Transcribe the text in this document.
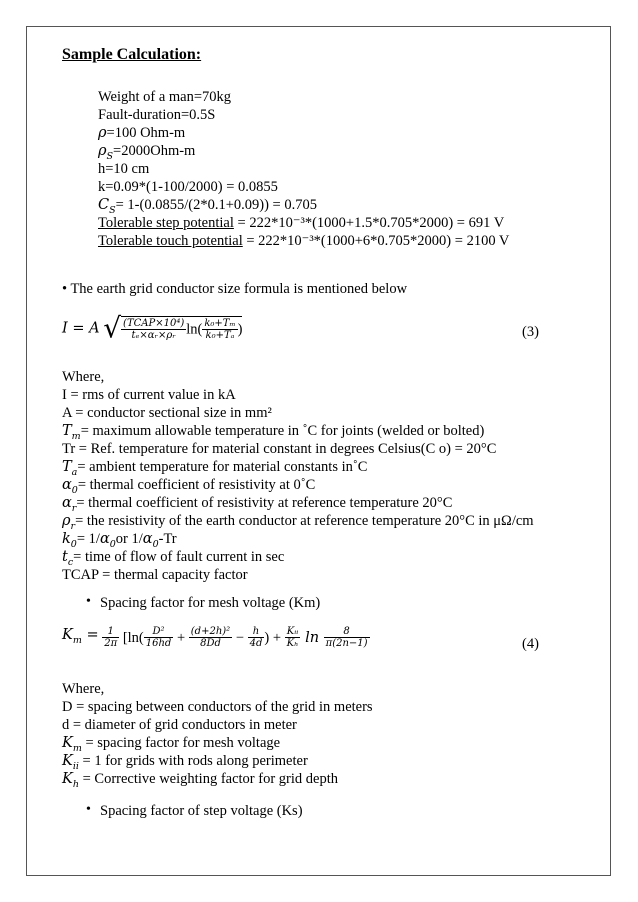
Sample Calculation:
Weight of a man=70kg
Fault-duration=0.5S
ρ=100 Ohm-m
$\rho_S=2000Ohm-m$
h=10 cm
k=0.09*(1-100/2000) = 0.0855
$C_S= 1-(0.0855/(2*0.1+0.09)) = 0.705$
Tolerable step potential = 222*10⁻³*(1000+1.5*0.705*2000) = 691 V
Tolerable touch potential = 222*10⁻³*(1000+6*0.705*2000) = 2100 V
• The earth grid conductor size formula is mentioned below
I = A √ $\frac{\text{(TCAP×10⁴)}}{\text{tₑ×αᵣ×ρᵣ}} \ln( \frac{\text{k₀+Tₘ}}{\text{k₀+Tₐ}}$ )	(3)
Where,
I = rms of current value in kA
A = conductor sectional size in mm²
$T_m=$ maximum allowable temperature in ˚C for joints (welded or bolted)
Tr = Ref. temperature for material constant in degrees Celsius(C o) = 20°C
$T_a=$ ambient temperature for material constants in˚C
$\alpha_0=$ thermal coefficient of resistivity at 0˚C
$\alpha_r=$ thermal coefficient of resistivity at reference temperature 20°C
$\rho_r=$ the resistivity of the earth conductor at reference temperature 20°C in μΩ/cm
$k_0= 1/\alpha_0or$ $1/\alpha_0-Tr$
$t_c=$ time of flow of fault current in sec
TCAP = thermal capacity factor
• Spacing factor for mesh voltage (Km)
$K_m = \frac{1}{2\pi} [\ln( \frac{\text{D²}}{16hd} + \frac{\text{(d+2h)²}}{8Dd} - \frac{h}{4d}$ ) + $\frac{\text{Kᵢᵢ}}{\text{Kₕ}}$ $\ln \frac{8}{\pi(2n-1)}$	(4)
Where,
D = spacing between conductors of the grid in meters
d = diameter of grid conductors in meter
$K_m$ = spacing factor for mesh voltage
$K_{ii} = 1$ for grids with rods along perimeter
$K_h$ = Corrective weighting factor for grid depth
• Spacing factor of step voltage (Ks)
